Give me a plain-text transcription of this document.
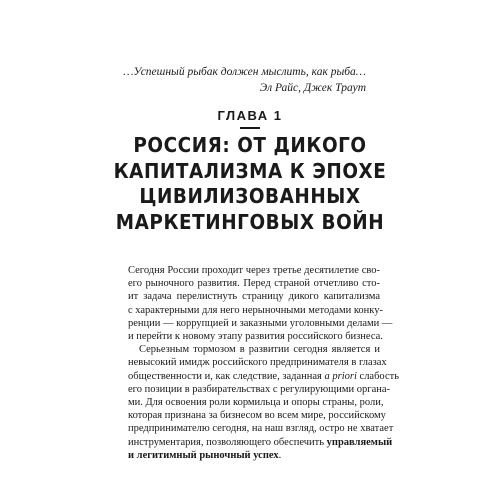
…Успешный рыбак должен мыслить, как рыба…
Эл Райс, Джек Траут
ГЛАВА 1
РОССИЯ: ОТ ДИКОГО
КАПИТАЛИЗМА К ЭПОХЕ
ЦИВИЛИЗОВАННЫХ
МАРКЕТИНГОВЫХ ВОЙН
Сегодня России проходит через третье десятилетие сво-
его рыночного развития. Перед страной отчетливо сто-
ит задача перелистнуть страницу дикого капитализма
с характерными для него нерыночными методами конку-
ренции — коррупцией и заказными уголовными делами —
и перейти к новому этапу развития российского бизнеса.
Серьезным тормозом в развитии сегодня является и
невысокий имидж российского предпринимателя в глазах
общественности и, как следствие, заданная a priori слабость
его позиции в разбирательствах с регулирующими органа-
ми. Для освоения роли кормильца и опоры страны, роли,
которая признана за бизнесом во всем мире, российскому
предпринимателю сегодня, на наш взгляд, остро не хватает
инструментария, позволяющего обеспечить управляемый
и легитимный рыночный успех.
